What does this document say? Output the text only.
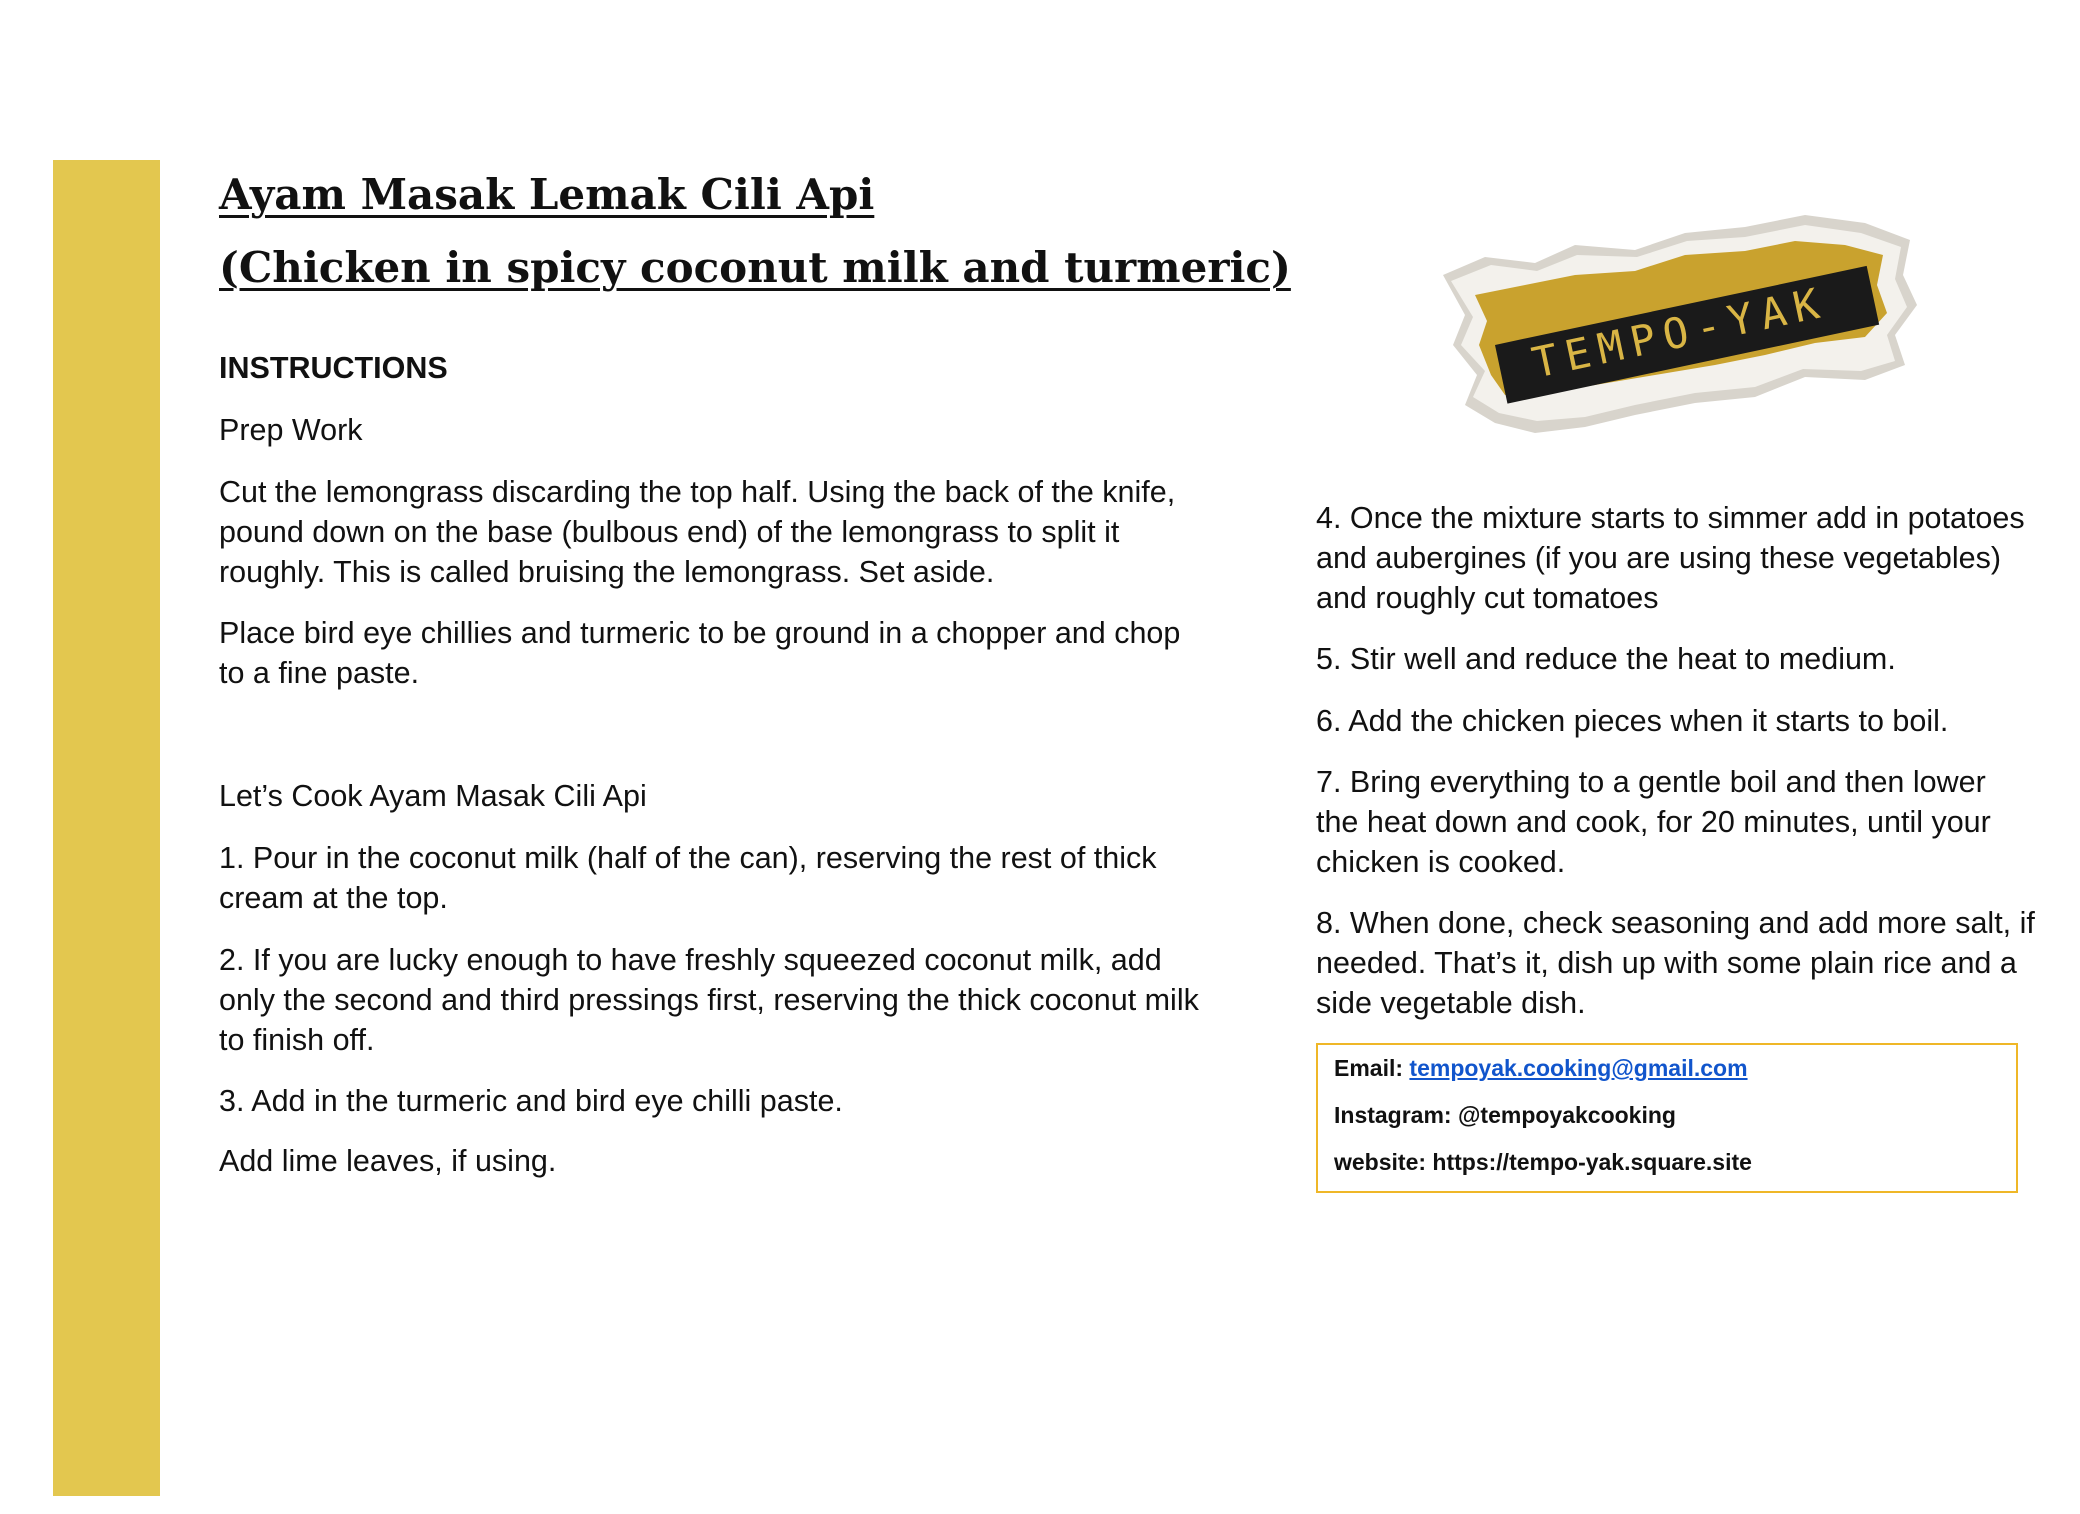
Ayam Masak Lemak Cili Api
(Chicken in spicy coconut milk and turmeric)

INSTRUCTIONS

Prep Work

Cut the lemongrass discarding the top half. Using the back of the knife, pound down on the base (bulbous end) of the lemongrass to split it roughly. This is called bruising the lemongrass. Set aside.

Place bird eye chillies and turmeric to be ground in a chopper and chop to a fine paste.

Let’s Cook Ayam Masak Cili Api

1. Pour in the coconut milk (half of the can), reserving the rest of thick cream at the top.

2. If you are lucky enough to have freshly squeezed coconut milk, add only the second and third pressings first, reserving the thick coconut milk to finish off.

3. Add in the turmeric and bird eye chilli paste.

Add lime leaves, if using.

TEMPO-YAK

4. Once the mixture starts to simmer add in potatoes and aubergines (if you are using these vegetables) and roughly cut tomatoes

5. Stir well and reduce the heat to medium.

6. Add the chicken pieces when it starts to boil.

7. Bring everything to a gentle boil and then lower the heat down and cook, for 20 minutes, until your chicken is cooked.

8. When done, check seasoning and add more salt, if needed. That’s it, dish up with some plain rice and a side vegetable dish.

Email: tempoyak.cooking@gmail.com
Instagram: @tempoyakcooking
website: https://tempo-yak.square.site
